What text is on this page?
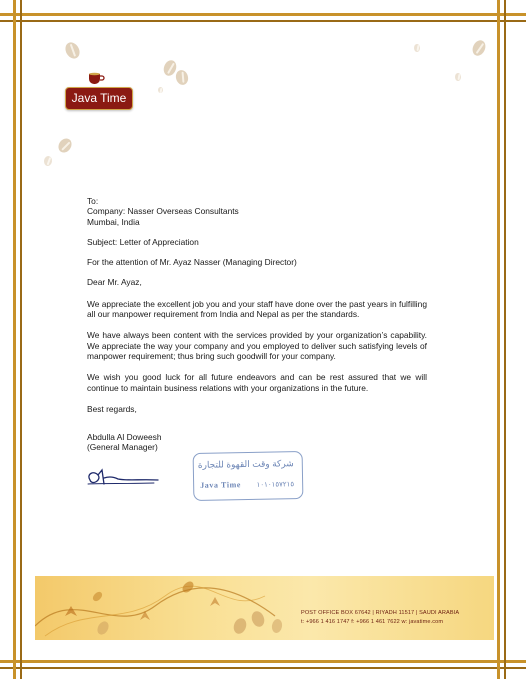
Java Time

To:

Company: Nasser Overseas Consultants

Mumbai, India

Subject: Letter of Appreciation

For the attention of Mr. Ayaz Nasser (Managing Director)

Dear Mr. Ayaz,

We appreciate the excellent job you and your staff have done over the past years in fulfilling all our manpower requirement from India and Nepal as per the standards.

We have always been content with the services provided by your organization’s capability. We appreciate the way your company and you employed to deliver such satisfying levels of manpower requirement; thus bring such goodwill for your company.

We wish you good luck for all future endeavors and can be rest assured that we will continue to maintain business relations with your organizations in the future.

Best regards,

Abdulla Al Doweesh

(General Manager)

شركة وقت القهوة للتجارة
Java Time ١٠١٠١٥٧٢١٥
POST OFFICE BOX 67642 | RIYADH 11517 | SAUDI ARABIA
t: +966 1 416 1747 f: +966 1 461 7622 w: javatime.com
